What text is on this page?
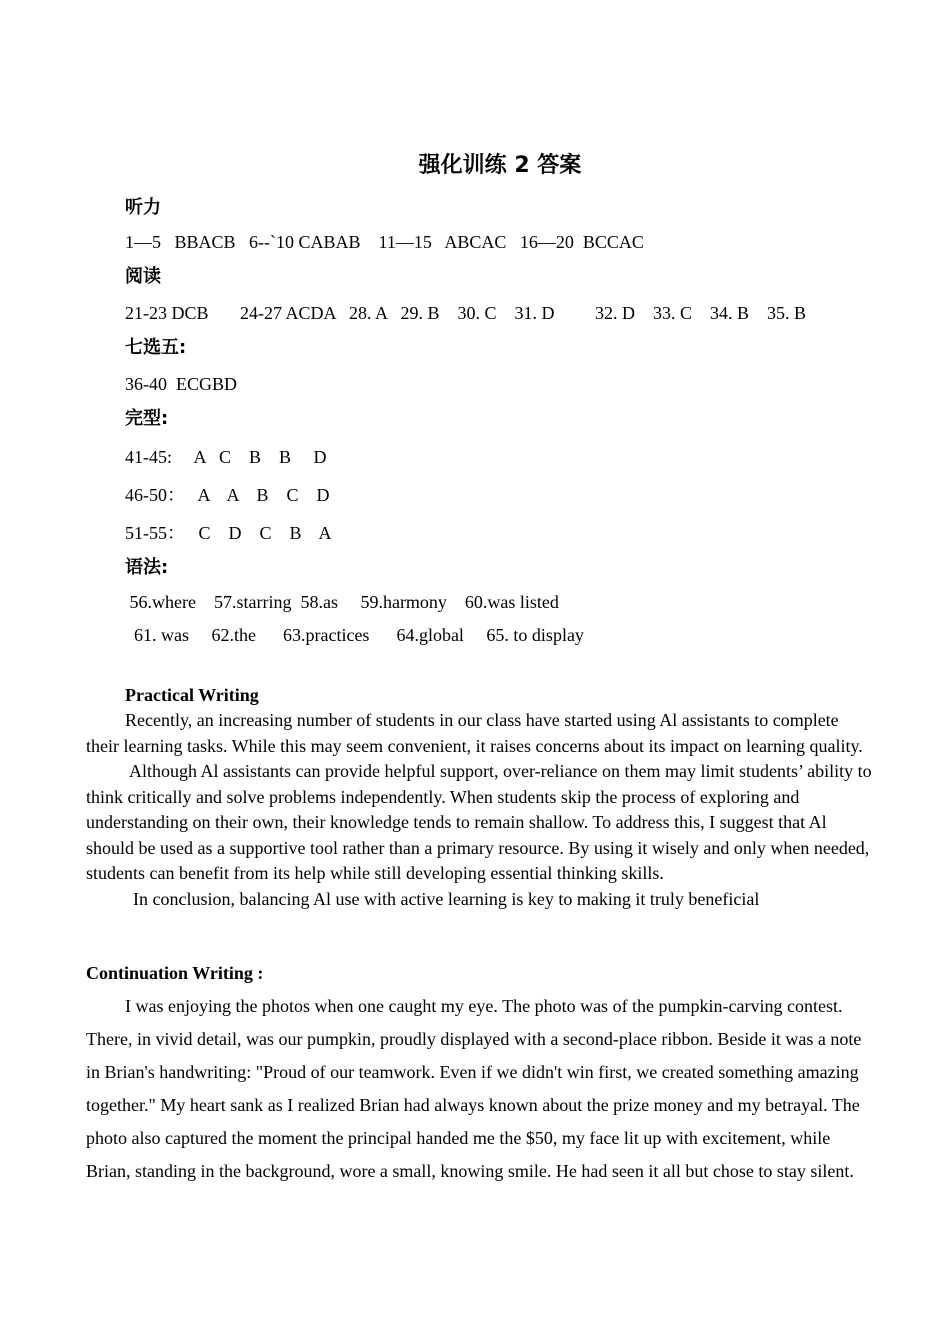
强化训练 2 答案
听力
1—5   BBACB   6--`10 CABAB    11—15   ABCAC   16—20  BCCAC
阅读
21-23 DCB       24-27 ACDA   28. A   29. B    30. C    31. D         32. D    33. C    34. B    35. B
七选五:
36-40  ECGBD
完型:
41-45:     A   C    B    B     D
46-50：   A    A    B    C    D
51-55：   C    D    C    B    A
语法:
56.where    57.starring  58.as     59.harmony    60.was listed
61. was     62.the      63.practices      64.global     65. to display
Practical Writing

Recently, an increasing number of students in our class have started using Al assistants to complete their learning tasks. While this may seem convenient, it raises concerns about its impact on learning quality.

Although Al assistants can provide helpful support, over-reliance on them may limit students’ ability to think critically and solve problems independently. When students skip the process of exploring and understanding on their own, their knowledge tends to remain shallow. To address this, I suggest that Al should be used as a supportive tool rather than a primary resource. By using it wisely and only when needed, students can benefit from its help while still developing essential thinking skills.

In conclusion, balancing Al use with active learning is key to making it truly beneficial

Continuation Writing :

I was enjoying the photos when one caught my eye. The photo was of the pumpkin-carving contest. There, in vivid detail, was our pumpkin, proudly displayed with a second-place ribbon. Beside it was a note in Brian's handwriting: "Proud of our teamwork. Even if we didn't win first, we created something amazing together." My heart sank as I realized Brian had always known about the prize money and my betrayal. The photo also captured the moment the principal handed me the $50, my face lit up with excitement, while Brian, standing in the background, wore a small, knowing smile. He had seen it all but chose to stay silent.
